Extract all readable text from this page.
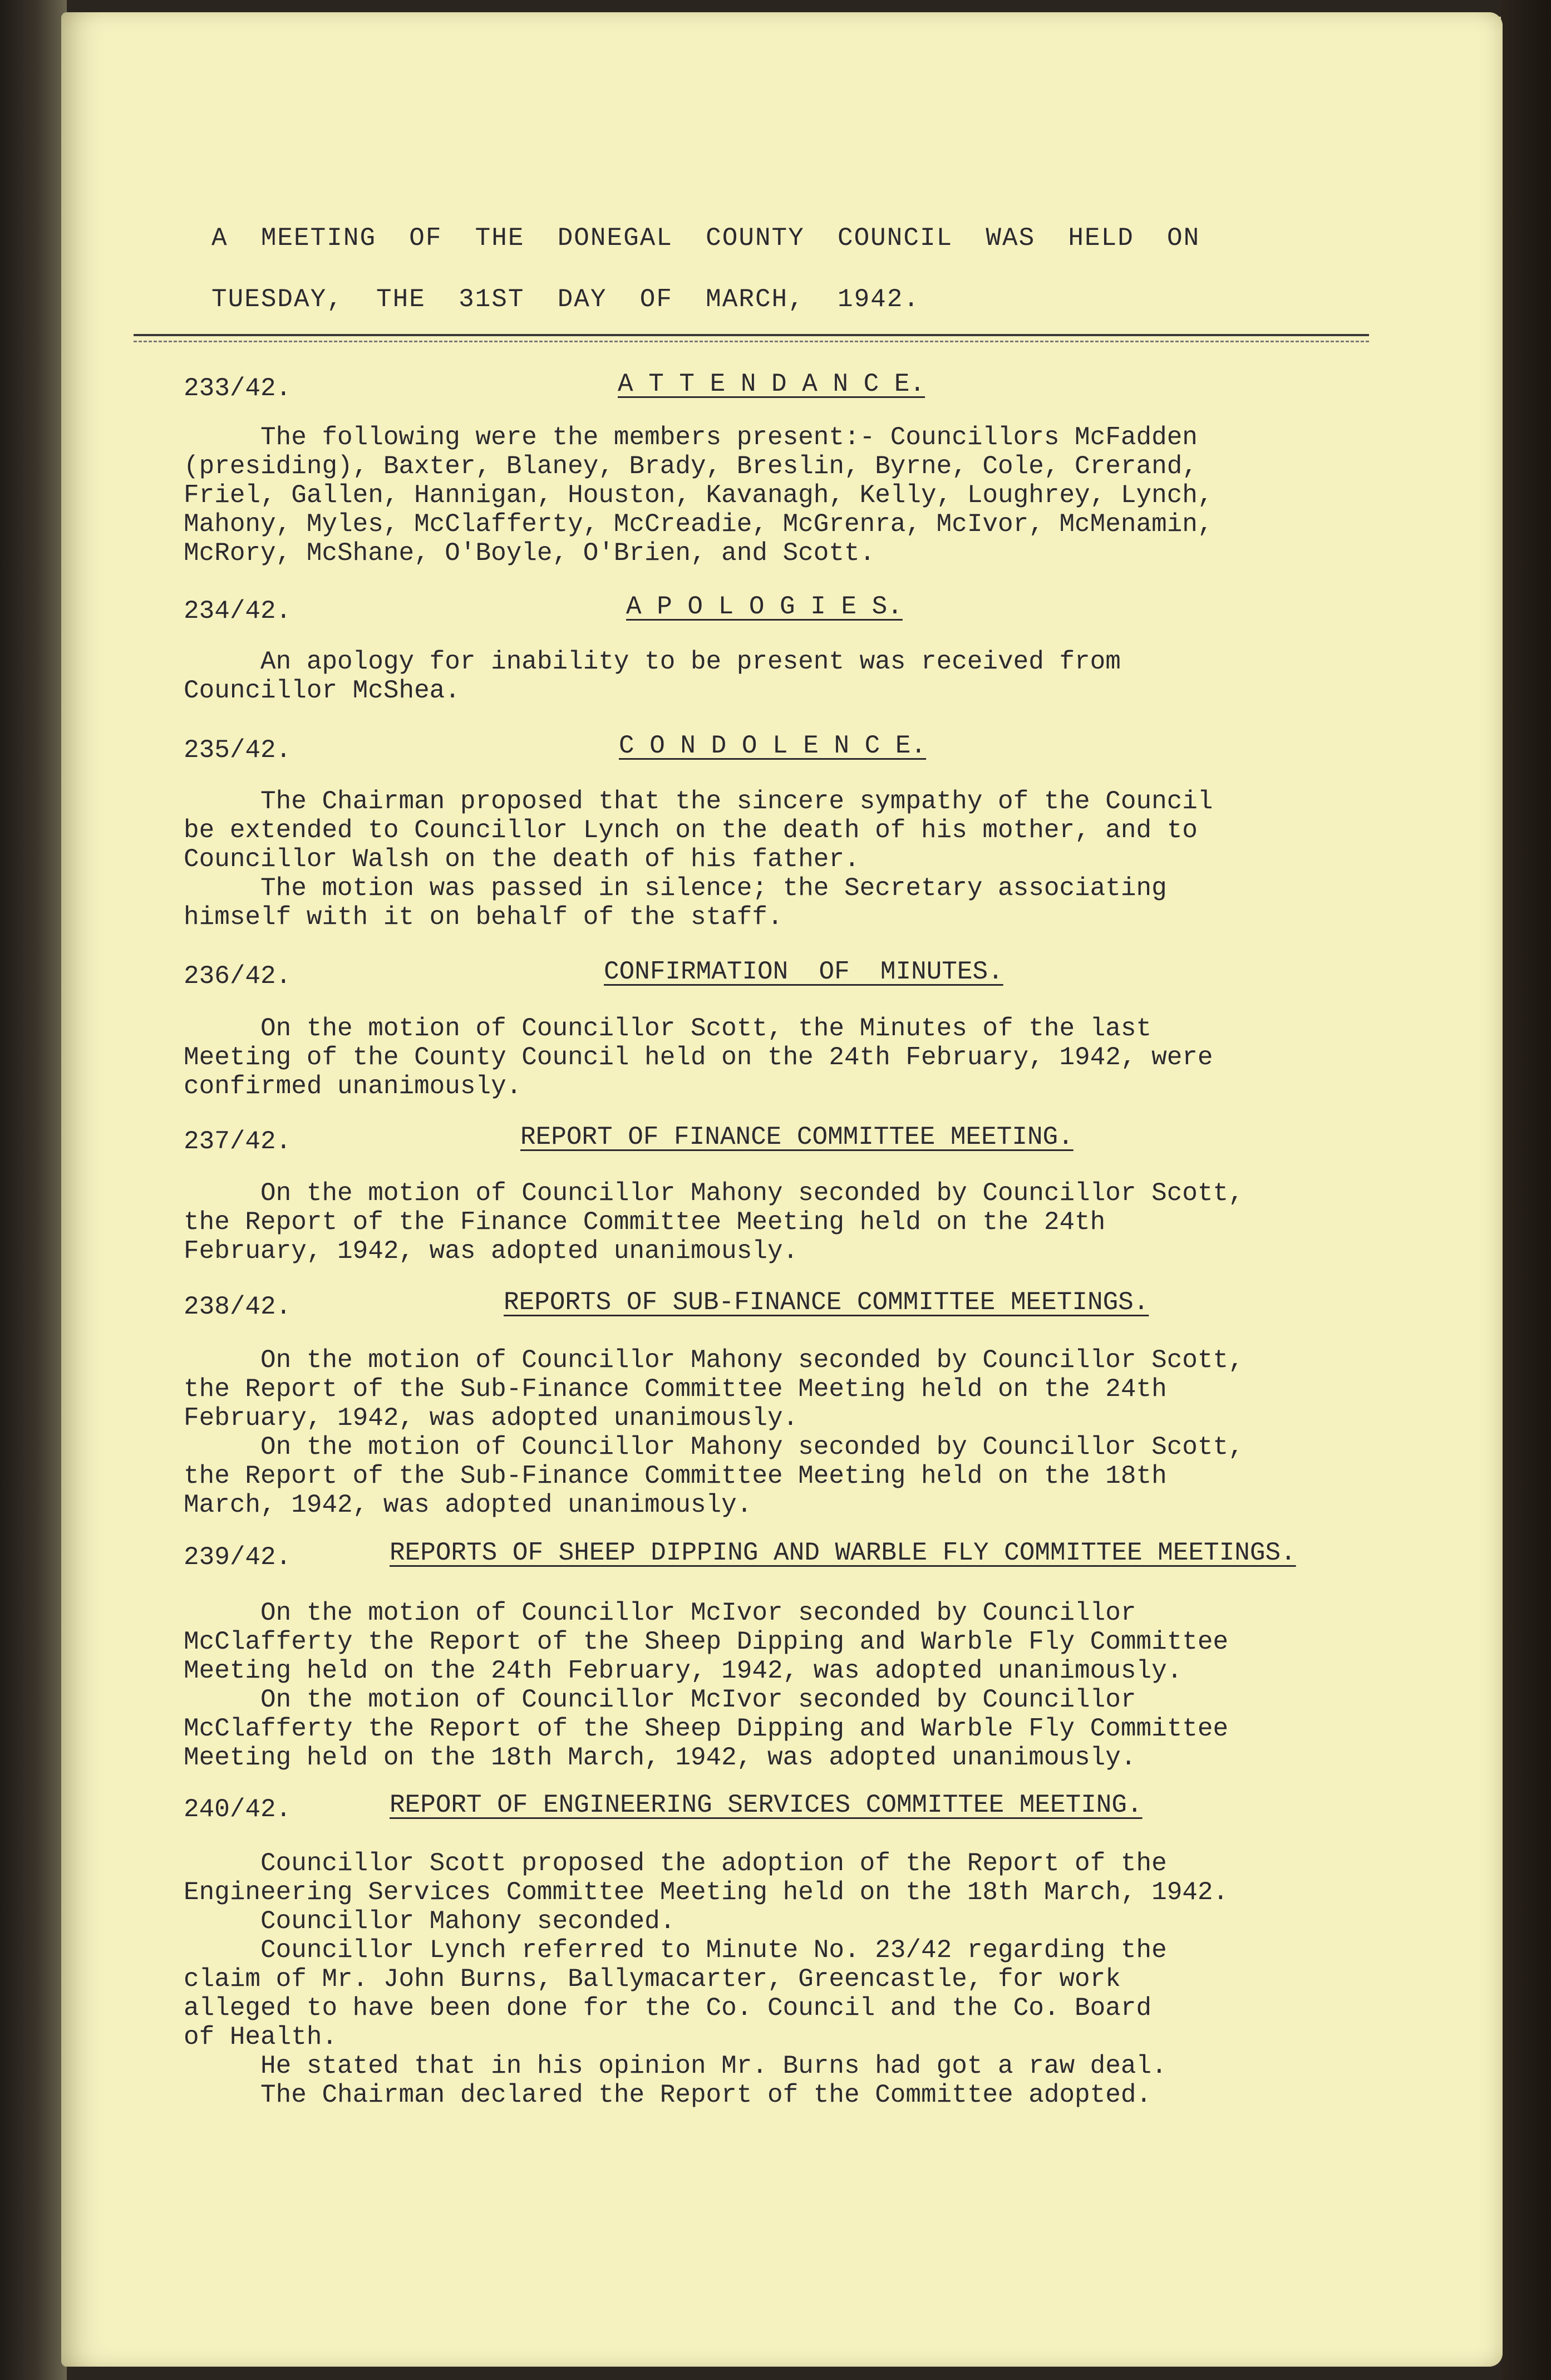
A  MEETING  OF  THE  DONEGAL  COUNTY  COUNCIL  WAS  HELD  ON
TUESDAY,  THE  31ST  DAY  OF  MARCH,  1942.
233/42.	A T T E N D A N C E.
The following were the members present:- Councillors McFadden
(presiding), Baxter, Blaney, Brady, Breslin, Byrne, Cole, Crerand,
Friel, Gallen, Hannigan, Houston, Kavanagh, Kelly, Loughrey, Lynch,
Mahony, Myles, McClafferty, McCreadie, McGrenra, McIvor, McMenamin,
McRory, McShane, O'Boyle, O'Brien, and Scott.
234/42.	A P O L O G I E S.
An apology for inability to be present was received from
Councillor McShea.
235/42.	C O N D O L E N C E.
The Chairman proposed that the sincere sympathy of the Council
be extended to Councillor Lynch on the death of his mother, and to
Councillor Walsh on the death of his father.
The motion was passed in silence; the Secretary associating
himself with it on behalf of the staff.
236/42.	CONFIRMATION  OF  MINUTES.
On the motion of Councillor Scott, the Minutes of the last
Meeting of the County Council held on the 24th February, 1942, were
confirmed unanimously.
237/42.	REPORT OF FINANCE COMMITTEE MEETING.
On the motion of Councillor Mahony seconded by Councillor Scott,
the Report of the Finance Committee Meeting held on the 24th
February, 1942, was adopted unanimously.
238/42.	REPORTS OF SUB-FINANCE COMMITTEE MEETINGS.
On the motion of Councillor Mahony seconded by Councillor Scott,
the Report of the Sub-Finance Committee Meeting held on the 24th
February, 1942, was adopted unanimously.
On the motion of Councillor Mahony seconded by Councillor Scott,
the Report of the Sub-Finance Committee Meeting held on the 18th
March, 1942, was adopted unanimously.
239/42.	REPORTS OF SHEEP DIPPING AND WARBLE FLY COMMITTEE MEETINGS.
On the motion of Councillor McIvor seconded by Councillor
McClafferty the Report of the Sheep Dipping and Warble Fly Committee
Meeting held on the 24th February, 1942, was adopted unanimously.
On the motion of Councillor McIvor seconded by Councillor
McClafferty the Report of the Sheep Dipping and Warble Fly Committee
Meeting held on the 18th March, 1942, was adopted unanimously.
240/42.	REPORT OF ENGINEERING SERVICES COMMITTEE MEETING.
Councillor Scott proposed the adoption of the Report of the
Engineering Services Committee Meeting held on the 18th March, 1942.
Councillor Mahony seconded.
Councillor Lynch referred to Minute No. 23/42 regarding the
claim of Mr. John Burns, Ballymacarter, Greencastle, for work
alleged to have been done for the Co. Council and the Co. Board
of Health.
He stated that in his opinion Mr. Burns had got a raw deal.
The Chairman declared the Report of the Committee adopted.
